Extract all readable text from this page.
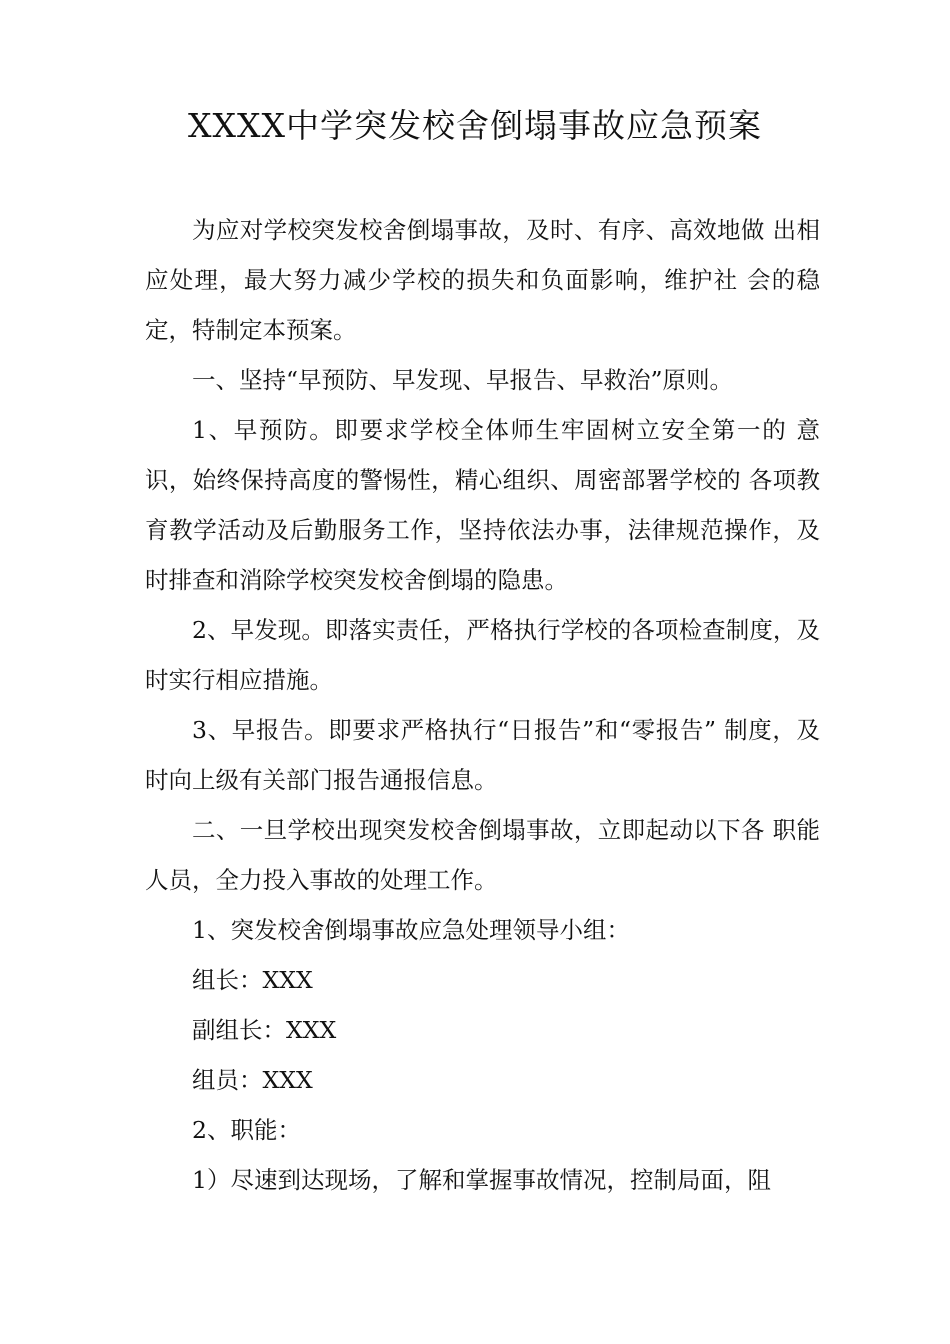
XXXX中学突发校舍倒塌事故应急预案

为应对学校突发校舍倒塌事故，及时、有序、高效地做 出相应处理，最大努力减少学校的损失和负面影响，维护社 会的稳定，特制定本预案。

一、坚持“早预防、早发现、早报告、早救治”原则。

1、早预防。即要求学校全体师生牢固树立安全第一的 意识，始终保持高度的警惕性，精心组织、周密部署学校的 各项教育教学活动及后勤服务工作，坚持依法办事，法律规范操作，及时排查和消除学校突发校舍倒塌的隐患。

2、早发现。即落实责任，严格执行学校的各项检查制度，及时实行相应措施。

3、早报告。即要求严格执行“日报告”和“零报告” 制度，及时向上级有关部门报告通报信息。

二、一旦学校出现突发校舍倒塌事故，立即起动以下各 职能人员，全力投入事故的处理工作。

1、突发校舍倒塌事故应急处理领导小组：

组长：XXX

副组长：XXX

组员：XXX

2、职能：

1）尽速到达现场，了解和掌握事故情况，控制局面，阻
